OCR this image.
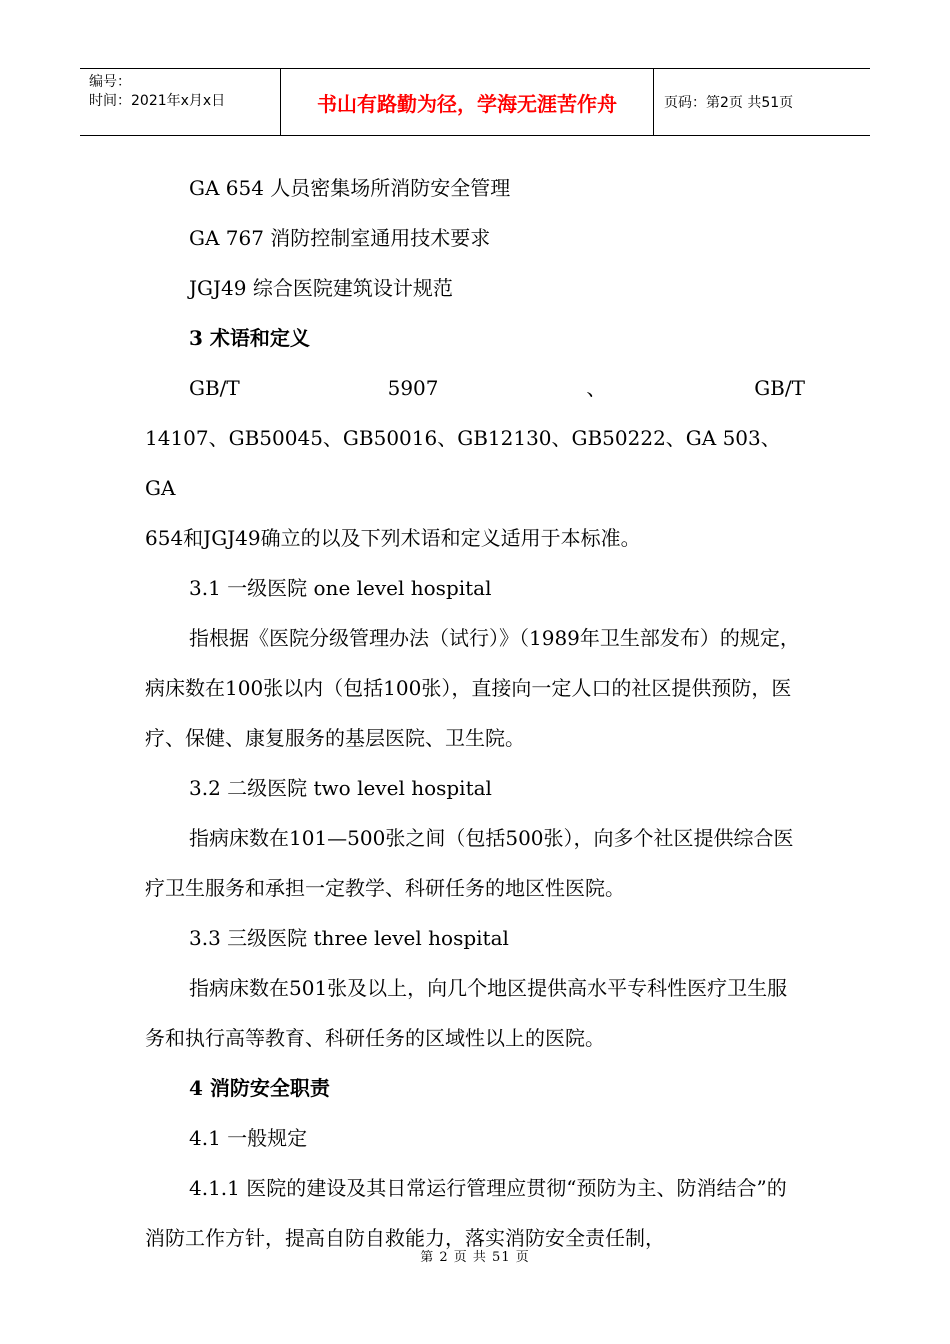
编号：
时间：2021年x月x日	书山有路勤为径，学海无涯苦作舟	页码：第2页 共51页

GA 654 人员密集场所消防安全管理

GA 767 消防控制室通用技术要求

JGJ49 综合医院建筑设计规范

3 术语和定义

GB/T	5907	、	GB/T

14107、GB50045、GB50016、GB12130、GB50222、GA 503、GA

654和JGJ49确立的以及下列术语和定义适用于本标准。

3.1 一级医院 one level hospital

指根据《医院分级管理办法（试行）》（1989年卫生部发布）的规定，病床数在100张以内（包括100张），直接向一定人口的社区提供预防，医疗、保健、康复服务的基层医院、卫生院。

3.2 二级医院 two level hospital

指病床数在101—500张之间（包括500张），向多个社区提供综合医疗卫生服务和承担一定教学、科研任务的地区性医院。

3.3 三级医院 three level hospital

指病床数在501张及以上，向几个地区提供高水平专科性医疗卫生服务和执行高等教育、科研任务的区域性以上的医院。

4 消防安全职责

4.1 一般规定

4.1.1 医院的建设及其日常运行管理应贯彻“预防为主、防消结合”的消防工作方针，提高自防自救能力，落实消防安全责任制，

第 2 页 共 51 页
